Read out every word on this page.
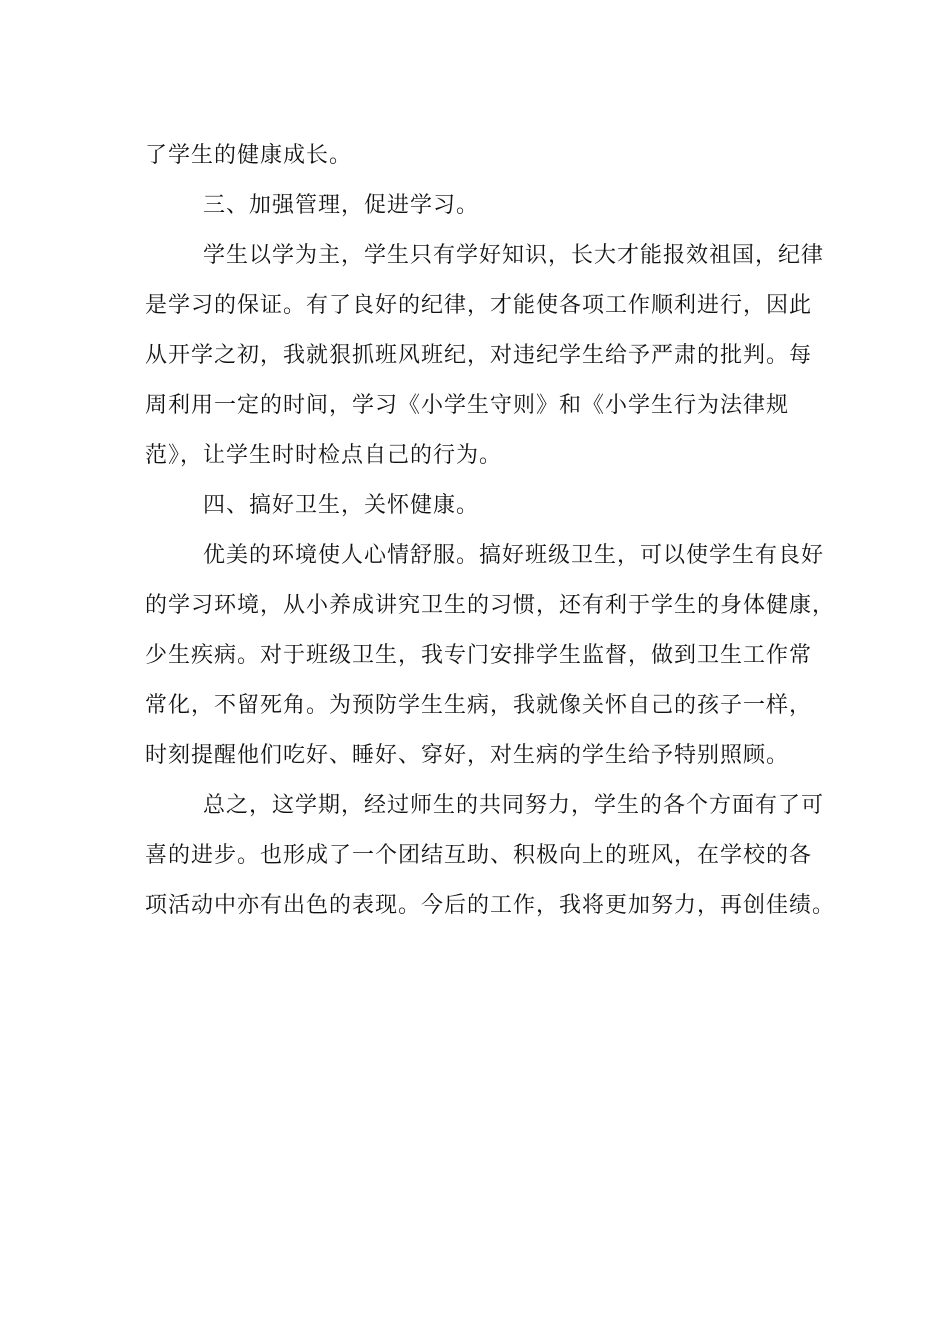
了学生的健康成长。
三、加强管理，促进学习。
学生以学为主，学生只有学好知识，长大才能报效祖国，纪律
是学习的保证。有了良好的纪律，才能使各项工作顺利进行，因此
从开学之初，我就狠抓班风班纪，对违纪学生给予严肃的批判。每
周利用一定的时间，学习《小学生守则》和《小学生行为法律规
范》，让学生时时检点自己的行为。
四、搞好卫生，关怀健康。
优美的环境使人心情舒服。搞好班级卫生，可以使学生有良好
的学习环境，从小养成讲究卫生的习惯，还有利于学生的身体健康，
少生疾病。对于班级卫生，我专门安排学生监督，做到卫生工作常
常化，不留死角。为预防学生生病，我就像关怀自己的孩子一样，
时刻提醒他们吃好、睡好、穿好，对生病的学生给予特别照顾。
总之，这学期，经过师生的共同努力，学生的各个方面有了可
喜的进步。也形成了一个团结互助、积极向上的班风，在学校的各
项活动中亦有出色的表现。今后的工作，我将更加努力，再创佳绩。
